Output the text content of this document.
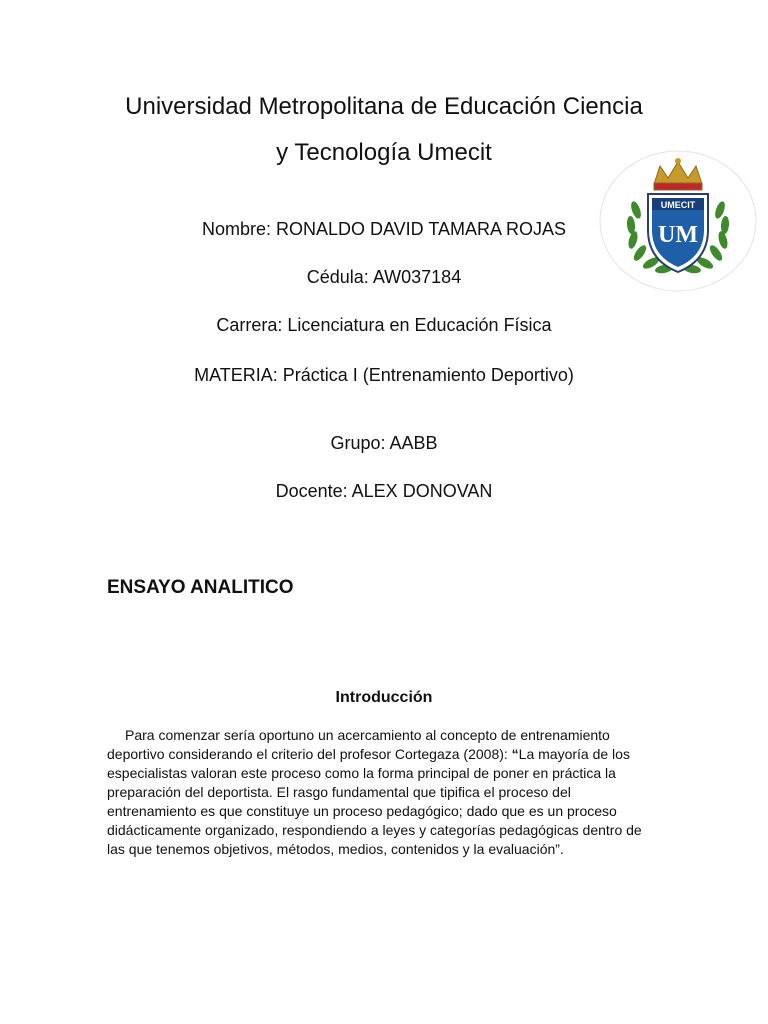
Universidad Metropolitana de Educación Ciencia
y Tecnología Umecit
UMECIT
UM
Nombre: RONALDO DAVID TAMARA ROJAS
Cédula: AW037184
Carrera: Licenciatura en Educación Física
MATERIA: Práctica I (Entrenamiento Deportivo)
Grupo: AABB
Docente: ALEX DONOVAN
ENSAYO ANALITICO
Introducción
Para comenzar sería oportuno un acercamiento al concepto de entrenamiento deportivo considerando el criterio del profesor Cortegaza (2008): “La mayoría de los especialistas valoran este proceso como la forma principal de poner en práctica la preparación del deportista. El rasgo fundamental que tipifica el proceso del entrenamiento es que constituye un proceso pedagógico; dado que es un proceso didácticamente organizado, respondiendo a leyes y categorías pedagógicas dentro de las que tenemos objetivos, métodos, medios, contenidos y la evaluación”.
